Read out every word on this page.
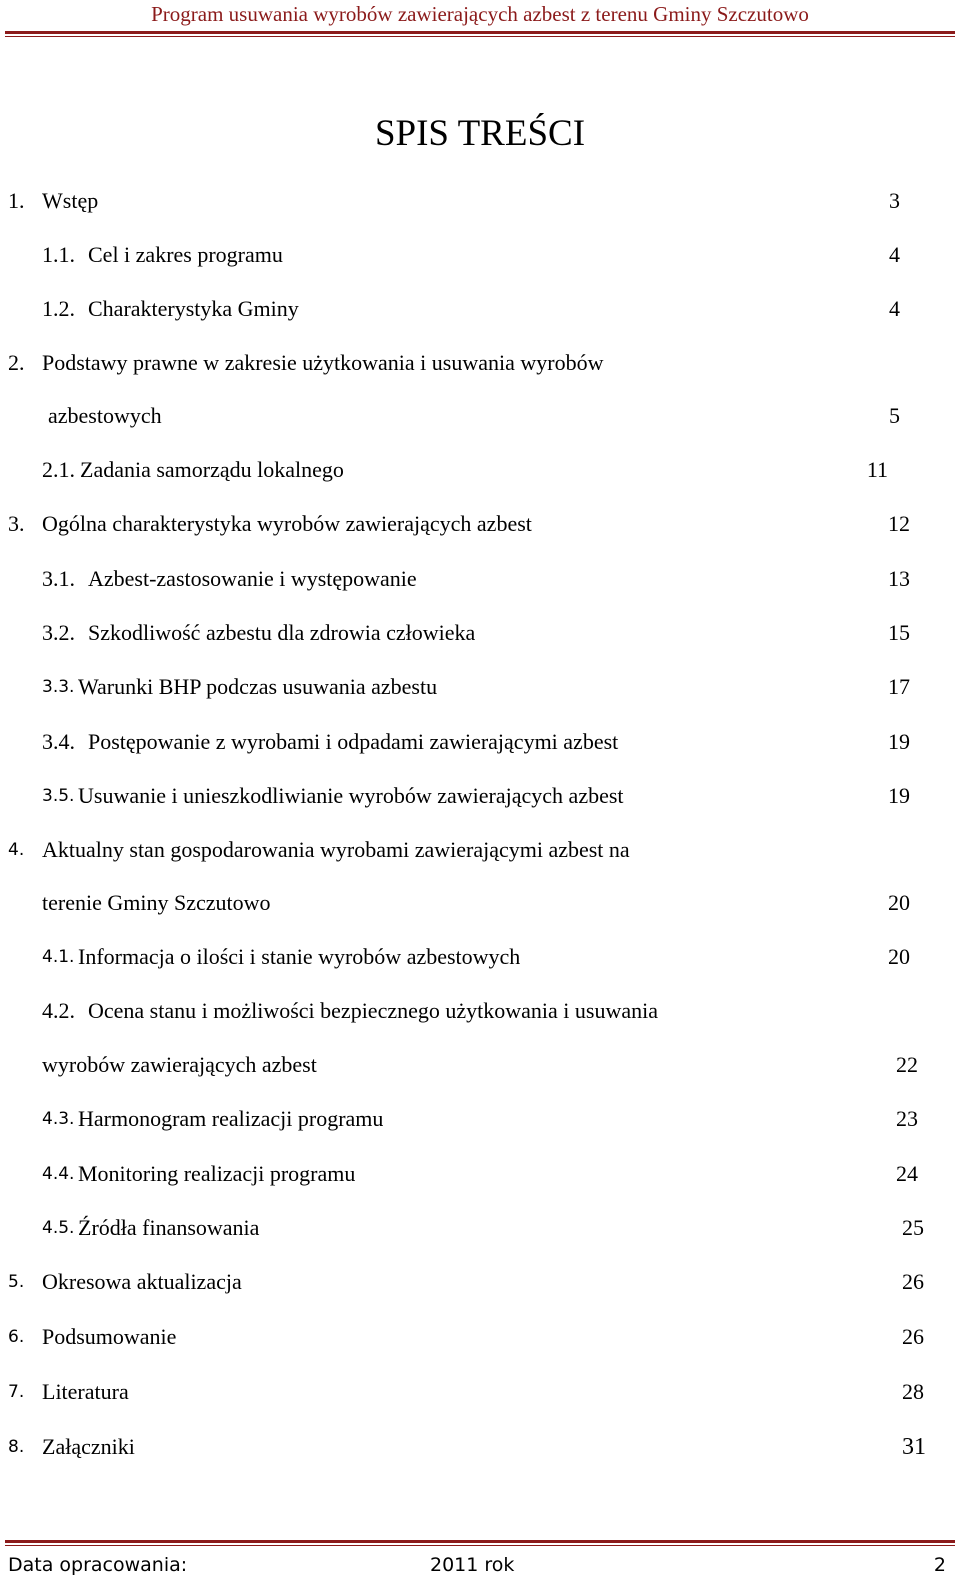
Program usuwania wyrobów zawierających azbest z terenu Gminy Szczutowo
SPIS TREŚCI
1. Wstęp	3
1.1. Cel i zakres programu	4
1.2. Charakterystyka Gminy	4
2. Podstawy prawne w zakresie użytkowania i usuwania wyrobów
azbestowych	5
2.1. Zadania samorządu lokalnego	11
3. Ogólna charakterystyka wyrobów zawierających azbest	12
3.1. Azbest-zastosowanie i występowanie	13
3.2. Szkodliwość azbestu dla zdrowia człowieka	15
3.3. Warunki BHP podczas usuwania azbestu	17
3.4. Postępowanie z wyrobami i odpadami zawierającymi azbest	19
3.5. Usuwanie i unieszkodliwianie wyrobów zawierających azbest	19
4. Aktualny stan gospodarowania wyrobami zawierającymi azbest na
terenie Gminy Szczutowo	20
4.1. Informacja o ilości i stanie wyrobów azbestowych	20
4.2. Ocena stanu i możliwości bezpiecznego użytkowania i usuwania
wyrobów zawierających azbest	22
4.3. Harmonogram realizacji programu	23
4.4. Monitoring realizacji programu	24
4.5. Źródła finansowania	25
5. Okresowa aktualizacja	26
6. Podsumowanie	26
7. Literatura	28
8. Załączniki	31
Data opracowania:	2011 rok	2
